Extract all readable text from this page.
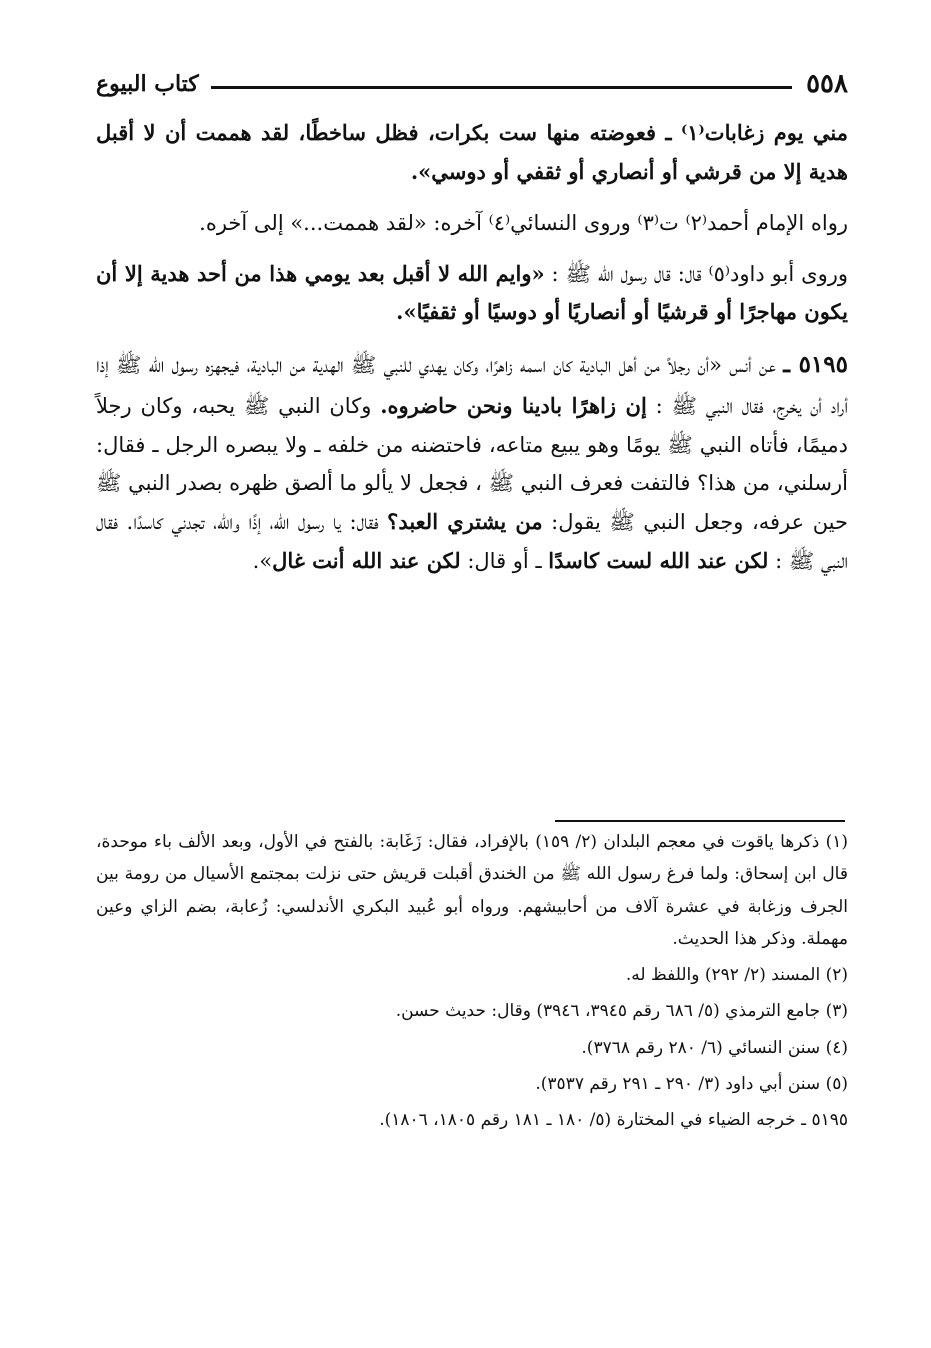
٥٥٨
كتاب البيوع

مني يوم زغابات⁽١⁾ ـ فعوضته منها ست بكرات، فظل ساخطًا، لقد هممت أن لا أقبل هدية إلا من قرشي أو أنصاري أو ثقفي أو دوسي».

رواه الإمام أحمد⁽٢⁾ ت⁽٣⁾ وروى النسائي⁽٤⁾ آخره: «لقد هممت...» إلى آخره.

وروى أبو داود⁽٥⁾ قال: قال رسول الله ﷺ : «وايم الله لا أقبل بعد يومي هذا من أحد هدية إلا أن يكون مهاجرًا أو قرشيًا أو أنصاريًا أو دوسيًا أو ثقفيًا».

٥١٩٥ ـ عن أنس «أن رجلاً من أهل البادية كان اسمه زاهرًا، وكان يهدي للنبي ﷺ الهدية من البادية، فيجهزه رسول الله ﷺ إذا أراد أن يخرج، فقال النبي ﷺ : إن زاهرًا بادينا ونحن حاضروه. وكان النبي ﷺ يحبه، وكان رجلاً دميمًا، فأتاه النبي ﷺ يومًا وهو يبيع متاعه، فاحتضنه من خلفه ـ ولا يبصره الرجل ـ فقال: أرسلني، من هذا؟ فالتفت فعرف النبي ﷺ ، فجعل لا يألو ما ألصق ظهره بصدر النبي ﷺ حين عرفه، وجعل النبي ﷺ يقول: من يشتري العبد؟ فقال: يا رسول الله، إذًا والله، تجدني كاسدًا. فقال النبي ﷺ : لكن عند الله لست كاسدًا ـ أو قال: لكن عند الله أنت غال».

(١) ذكرها ياقوت في معجم البلدان (٢/ ١٥٩) بالإفراد، فقال: زَغَابة: بالفتح في الأول، وبعد الألف باء موحدة، قال ابن إسحاق: ولما فرغ رسول الله ﷺ من الخندق أقبلت قريش حتى نزلت بمجتمع الأسيال من رومة بين الجرف وزغابة في عشرة آلاف من أحابيشهم. ورواه أبو عُبيد البكري الأندلسي: زُعابة، بضم الزاي وعين مهملة. وذكر هذا الحديث.

(٢) المسند (٢/ ٢٩٢) واللفظ له.

(٣) جامع الترمذي (٥/ ٦٨٦ رقم ٣٩٤٥، ٣٩٤٦) وقال: حديث حسن.

(٤) سنن النسائي (٦/ ٢٨٠ رقم ٣٧٦٨).

(٥) سنن أبي داود (٣/ ٢٩٠ ـ ٢٩١ رقم ٣٥٣٧).

٥١٩٥ ـ خرجه الضياء في المختارة (٥/ ١٨٠ ـ ١٨١ رقم ١٨٠٥، ١٨٠٦).
